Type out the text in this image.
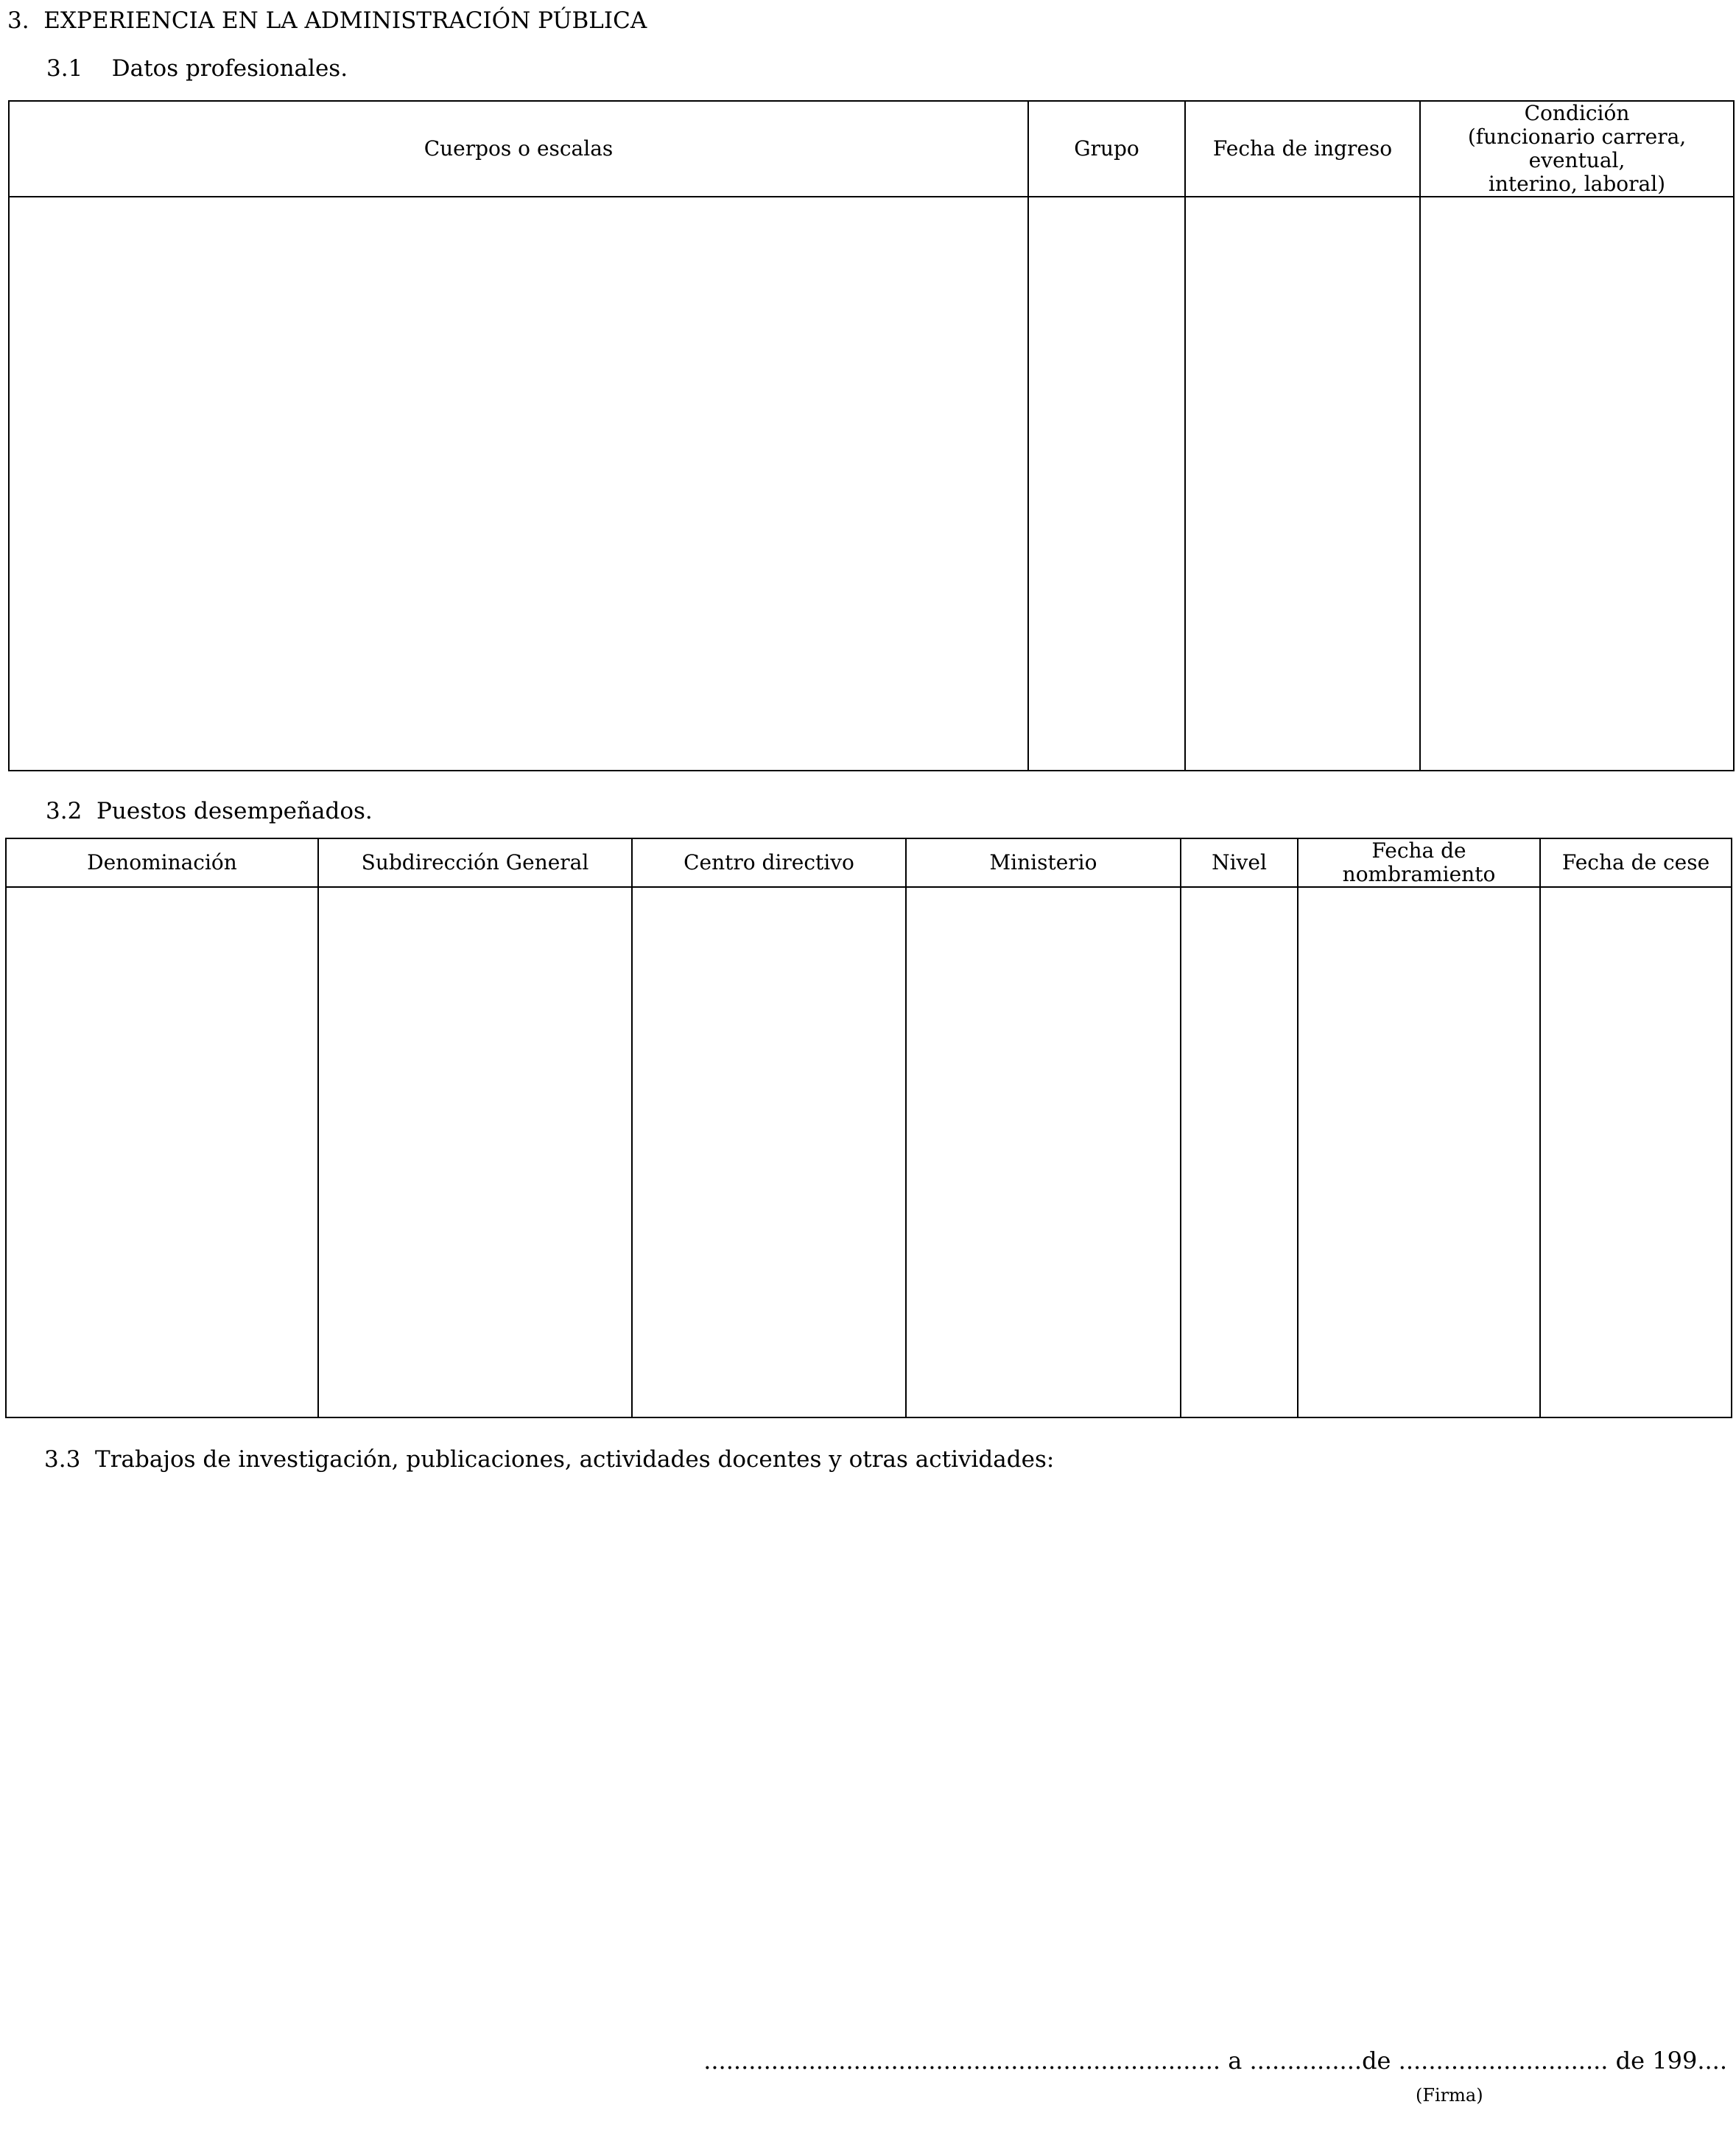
3. EXPERIENCIA EN LA ADMINISTRACIÓN PÚBLICA
3.1 Datos profesionales.
Cuerpos o escalas	Grupo	Fecha de ingreso	Condición
(funcionario carrera, eventual,
interino, laboral)

3.2 Puestos desempeñados.
Denominación	Subdirección General	Centro directivo	Ministerio	Nivel	Fecha de nombramiento	Fecha de cese

3.3 Trabajos de investigación, publicaciones, actividades docentes y otras actividades:
..................................................................... a ...............de ............................ de 199....
(Firma)
